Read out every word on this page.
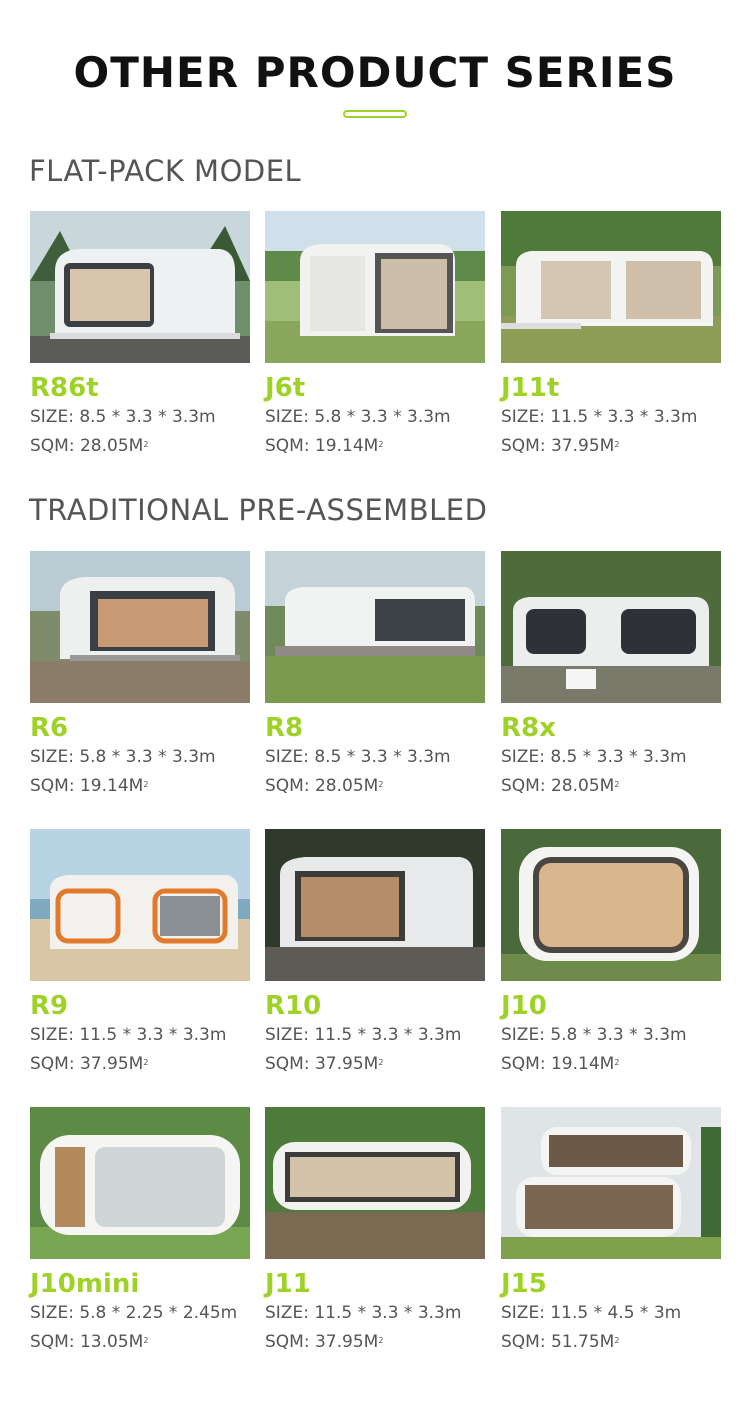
OTHER PRODUCT SERIES
FLAT-PACK MODEL
R86t
SIZE: 8.5 * 3.3 * 3.3m
SQM: $28.05M^2$
J6t
SIZE: 5.8 * 3.3 * 3.3m
SQM: $19.14M^2$
J11t
SIZE: 11.5 * 3.3 * 3.3m
SQM: $37.95M^2$
TRADITIONAL PRE-ASSEMBLED
R6
SIZE: 5.8 * 3.3 * 3.3m
SQM: $19.14M^2$
R8
SIZE: 8.5 * 3.3 * 3.3m
SQM: $28.05M^2$
R8x
SIZE: 8.5 * 3.3 * 3.3m
SQM: $28.05M^2$
R9
SIZE: 11.5 * 3.3 * 3.3m
SQM: $37.95M^2$
R10
SIZE: 11.5 * 3.3 * 3.3m
SQM: $37.95M^2$
J10
SIZE: 5.8 * 3.3 * 3.3m
SQM: $19.14M^2$
J10mini
SIZE: 5.8 * 2.25 * 2.45m
SQM: $13.05M^2$
J11
SIZE: 11.5 * 3.3 * 3.3m
SQM: $37.95M^2$
J15
SIZE: 11.5 * 4.5 * 3m
SQM: $51.75M^2$
